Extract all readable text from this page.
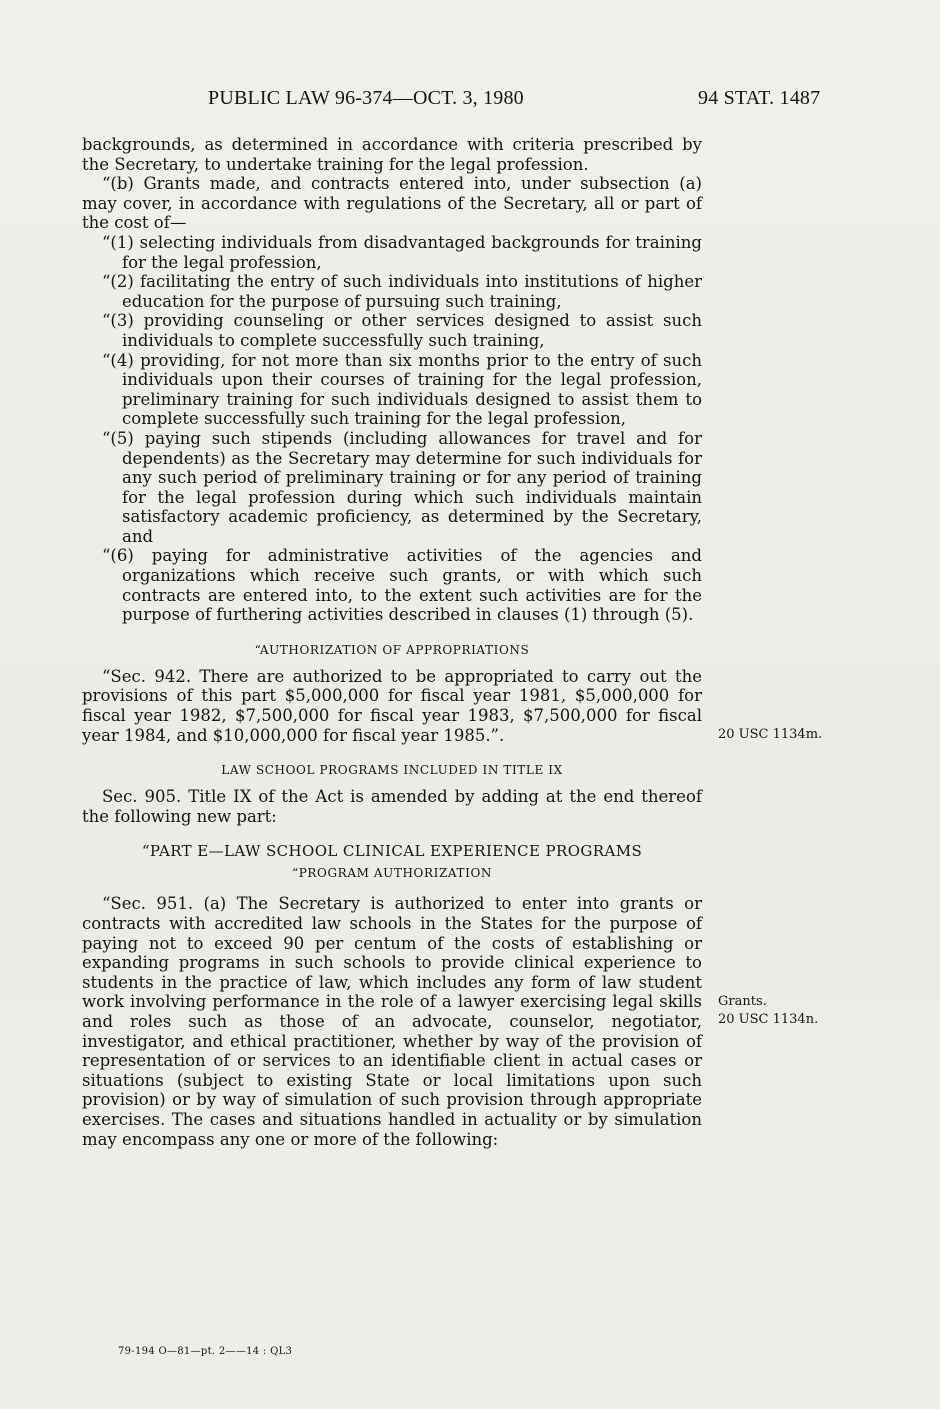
PUBLIC LAW 96-374—OCT. 3, 1980	94 STAT. 1487

backgrounds, as determined in accordance with criteria prescribed by the Secretary, to undertake training for the legal profession.

“(b) Grants made, and contracts entered into, under subsection (a) may cover, in accordance with regulations of the Secretary, all or part of the cost of—

“(1) selecting individuals from disadvantaged backgrounds for training for the legal profession,

“(2) facilitating the entry of such individuals into institutions of higher education for the purpose of pursuing such training,

“(3) providing counseling or other services designed to assist such individuals to complete successfully such training,

“(4) providing, for not more than six months prior to the entry of such individuals upon their courses of training for the legal profession, preliminary training for such individuals designed to assist them to complete successfully such training for the legal profession,

“(5) paying such stipends (including allowances for travel and for dependents) as the Secretary may determine for such individuals for any such period of preliminary training or for any period of training for the legal profession during which such individuals maintain satisfactory academic proficiency, as determined by the Secretary, and

“(6) paying for administrative activities of the agencies and organizations which receive such grants, or with which such contracts are entered into, to the extent such activities are for the purpose of furthering activities described in clauses (1) through (5).

“AUTHORIZATION OF APPROPRIATIONS

“Sec. 942. There are authorized to be appropriated to carry out the provisions of this part $5,000,000 for fiscal year 1981, $5,000,000 for fiscal year 1982, $7,500,000 for fiscal year 1983, $7,500,000 for fiscal year 1984, and $10,000,000 for fiscal year 1985.”.

LAW SCHOOL PROGRAMS INCLUDED IN TITLE IX

Sec. 905. Title IX of the Act is amended by adding at the end thereof the following new part:

“PART E—LAW SCHOOL CLINICAL EXPERIENCE PROGRAMS

“PROGRAM AUTHORIZATION

“Sec. 951. (a) The Secretary is authorized to enter into grants or contracts with accredited law schools in the States for the purpose of paying not to exceed 90 per centum of the costs of establishing or expanding programs in such schools to provide clinical experience to students in the practice of law, which includes any form of law student work involving performance in the role of a lawyer exercising legal skills and roles such as those of an advocate, counselor, negotiator, investigator, and ethical practitioner, whether by way of the provision of representation of or services to an identifiable client in actual cases or situations (subject to existing State or local limitations upon such provision) or by way of simulation of such provision through appropriate exercises. The cases and situations handled in actuality or by simulation may encompass any one or more of the following:

20 USC 1134m.
Grants.
20 USC 1134n.
79-194 O—81—pt. 2——14 : QL3
